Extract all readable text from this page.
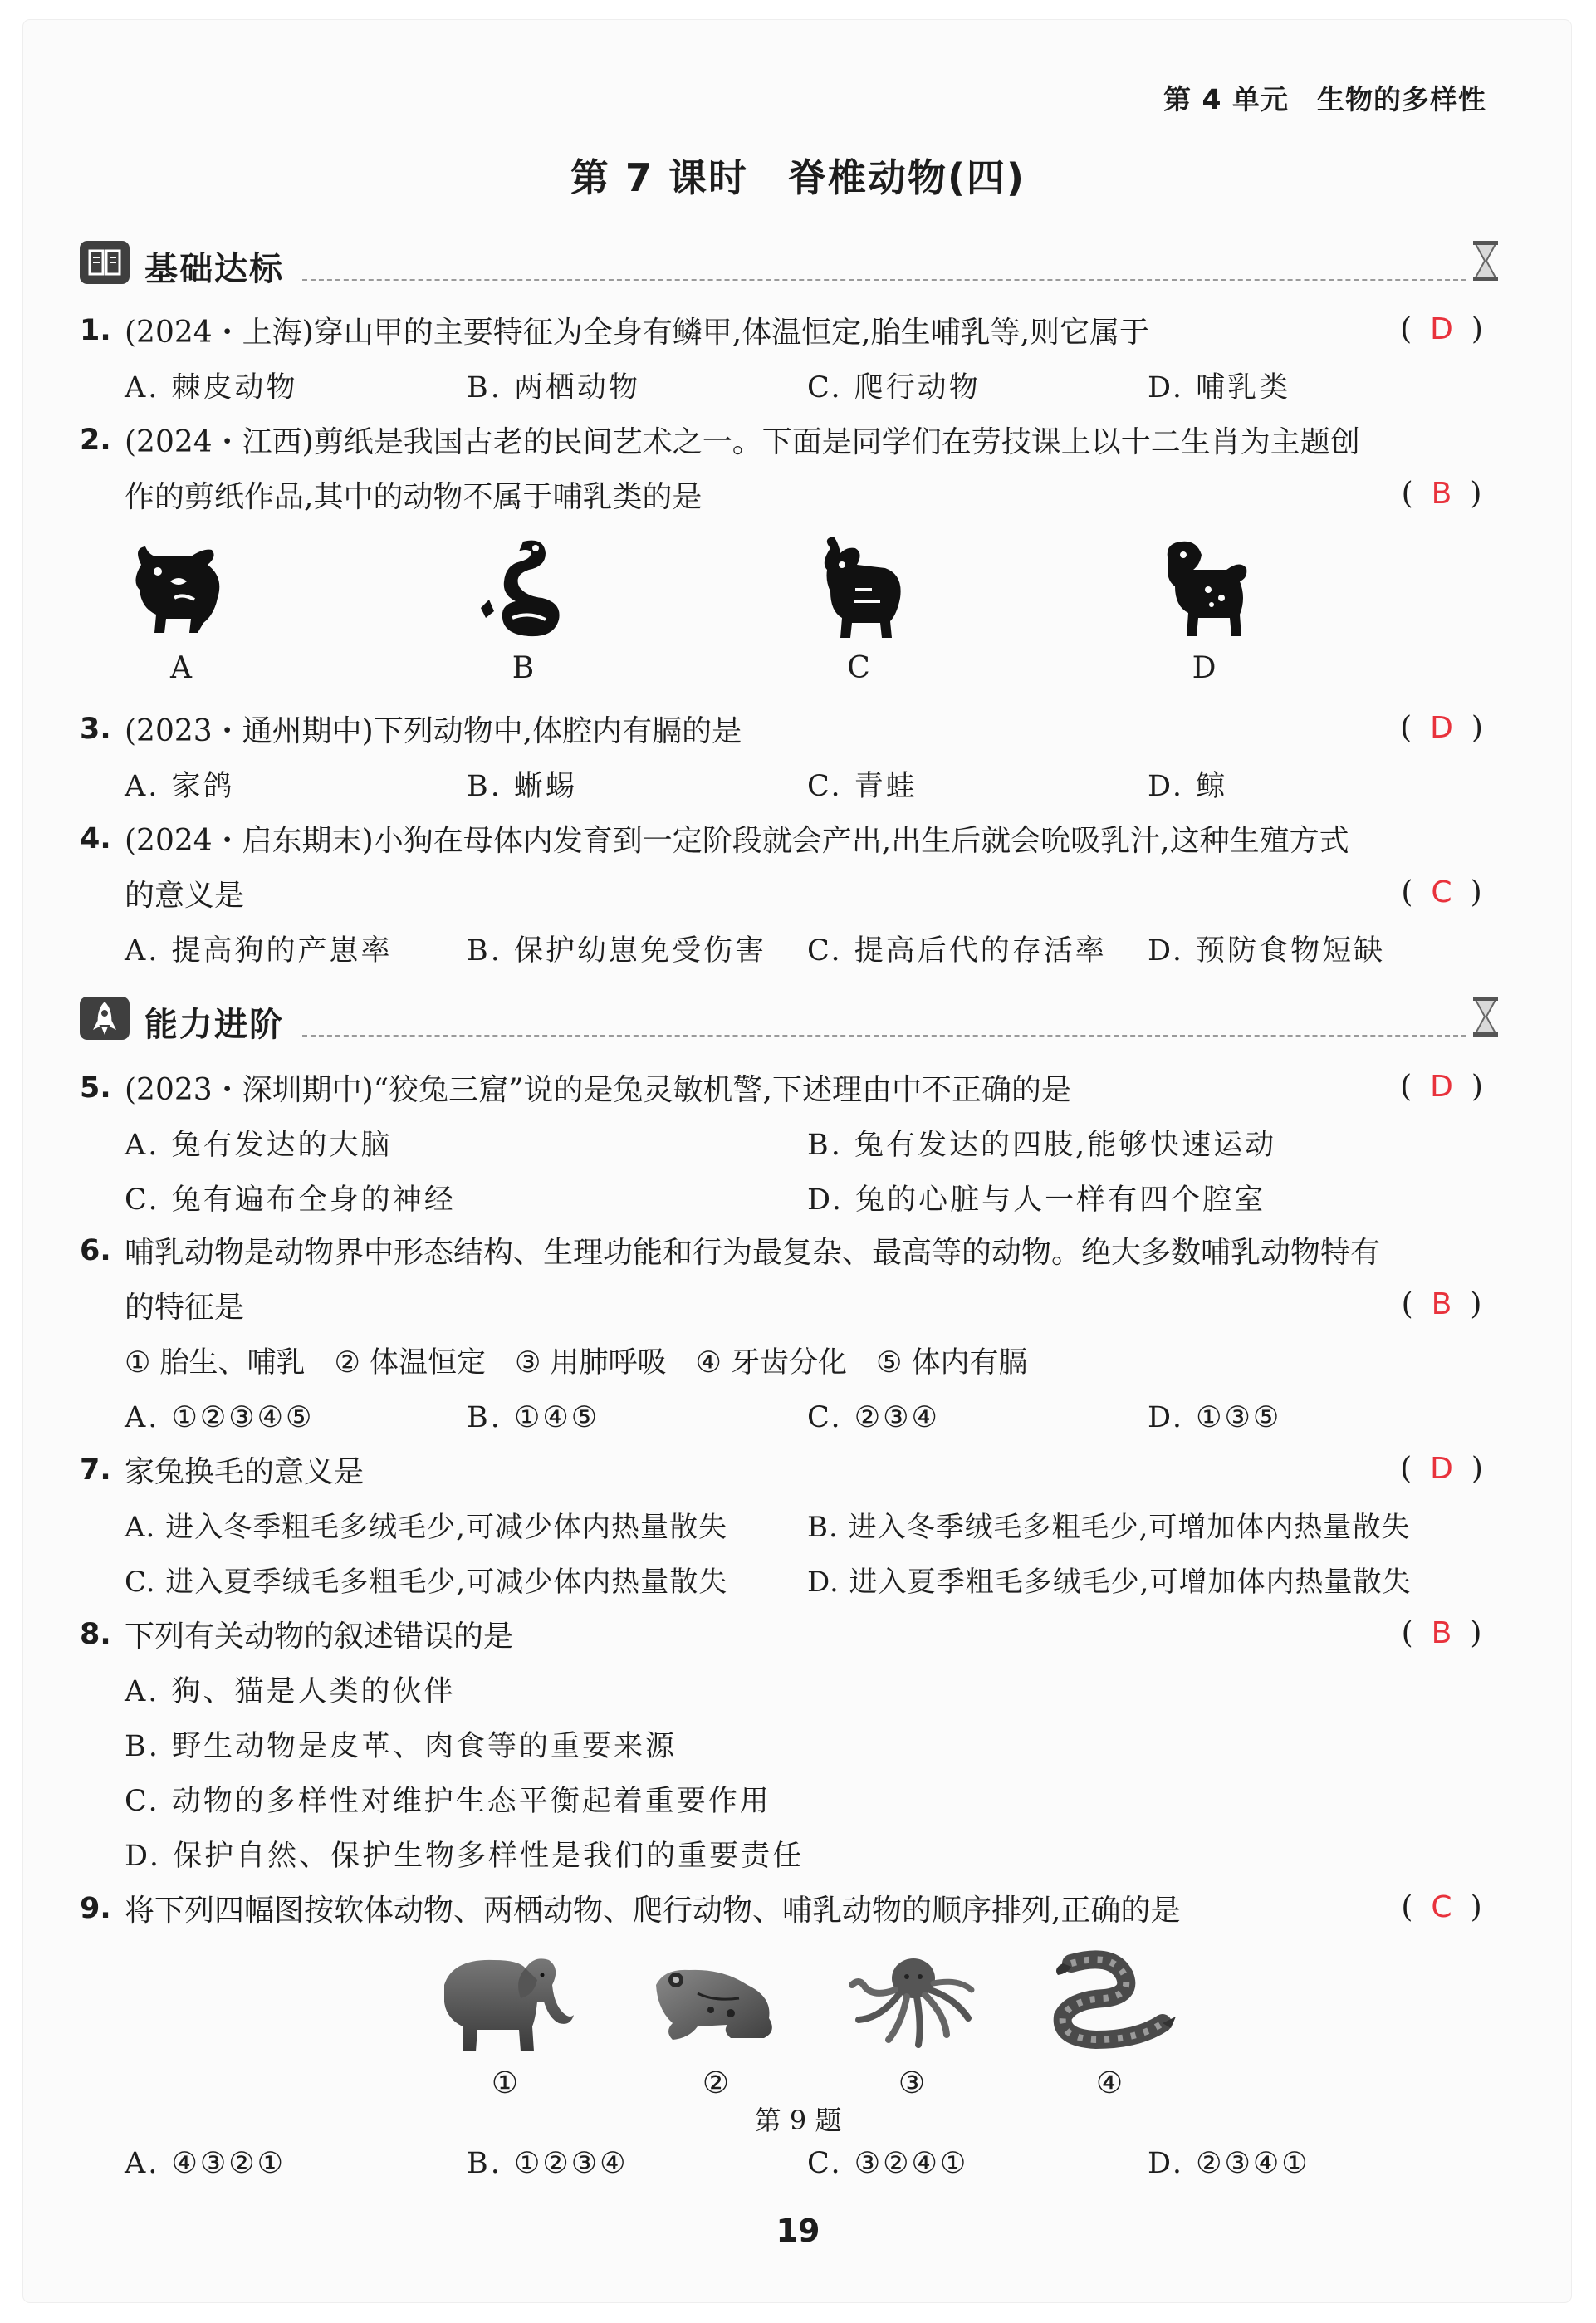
第 4 单元　生物的多样性
第 7 课时　脊椎动物(四)
基础达标
1. (2024・上海)穿山甲的主要特征为全身有鳞甲,体温恒定,胎生哺乳等,则它属于	( D )
A. 棘皮动物	B. 两栖动物	C. 爬行动物	D. 哺乳类
2. (2024・江西)剪纸是我国古老的民间艺术之一。下面是同学们在劳技课上以十二生肖为主题创
作的剪纸作品,其中的动物不属于哺乳类的是	( B )
A	B	C	D
3. (2023・通州期中)下列动物中,体腔内有膈的是	( D )
A. 家鸽	B. 蜥蜴	C. 青蛙	D. 鲸
4. (2024・启东期末)小狗在母体内发育到一定阶段就会产出,出生后就会吮吸乳汁,这种生殖方式
的意义是	( C )
A. 提高狗的产崽率	B. 保护幼崽免受伤害 C. 提高后代的存活率 D. 预防食物短缺
能力进阶
5. (2023・深圳期中)“狡兔三窟”说的是兔灵敏机警,下述理由中不正确的是	( D )
A. 兔有发达的大脑	B. 兔有发达的四肢,能够快速运动
C. 兔有遍布全身的神经	D. 兔的心脏与人一样有四个腔室
6. 哺乳动物是动物界中形态结构、生理功能和行为最复杂、最高等的动物。绝大多数哺乳动物特有
的特征是	( B )
① 胎生、哺乳　② 体温恒定　③ 用肺呼吸　④ 牙齿分化　⑤ 体内有膈
A. ①②③④⑤	B. ①④⑤	C. ②③④	D. ①③⑤
7. 家兔换毛的意义是	( D )
A. 进入冬季粗毛多绒毛少,可减少体内热量散失	B. 进入冬季绒毛多粗毛少,可增加体内热量散失
C. 进入夏季绒毛多粗毛少,可减少体内热量散失	D. 进入夏季粗毛多绒毛少,可增加体内热量散失
8. 下列有关动物的叙述错误的是	( B )
A. 狗、猫是人类的伙伴
B. 野生动物是皮革、肉食等的重要来源
C. 动物的多样性对维护生态平衡起着重要作用
D. 保护自然、保护生物多样性是我们的重要责任
9. 将下列四幅图按软体动物、两栖动物、爬行动物、哺乳动物的顺序排列,正确的是	( C )
①	②	③	④
第 9 题
A. ④③②①	B. ①②③④	C. ③②④①	D. ②③④①
19
